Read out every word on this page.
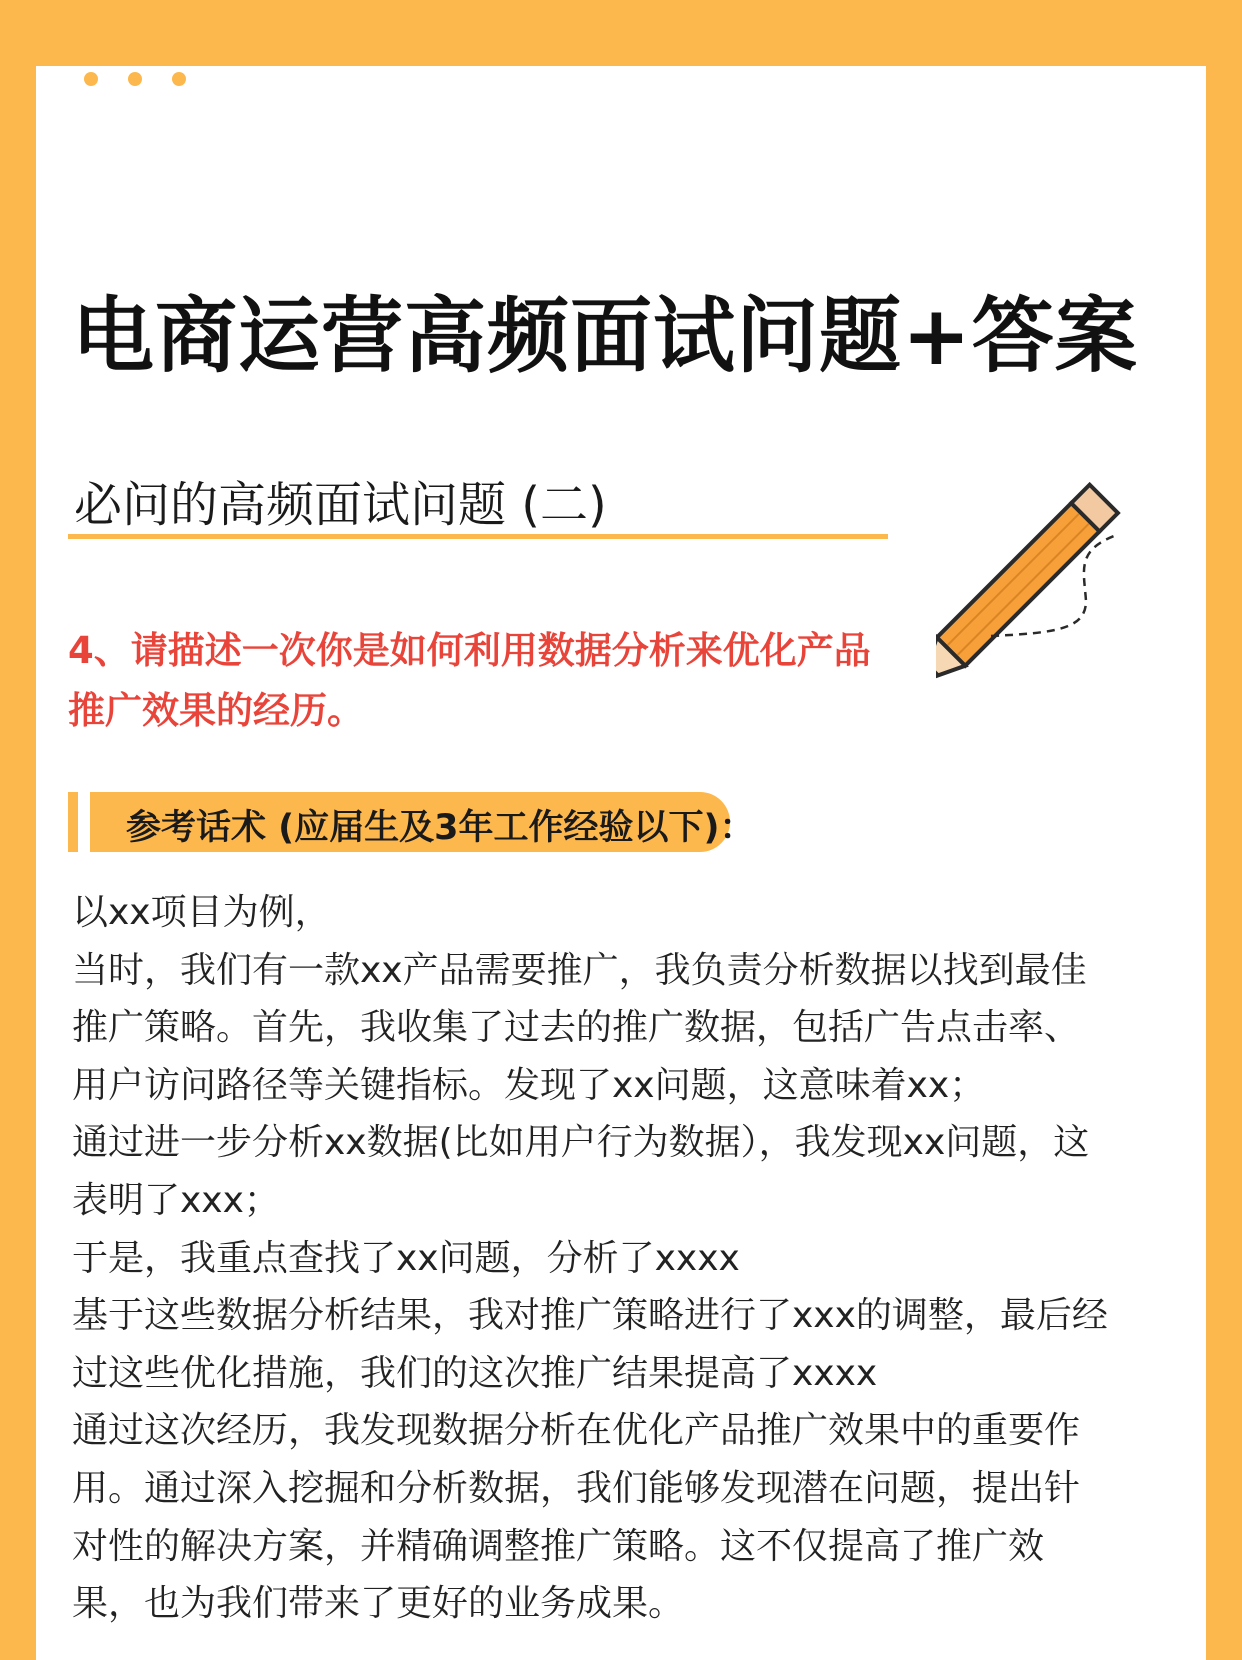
电商运营高频面试问题+答案
必问的高频面试问题 (二)
4、请描述一次你是如何利用数据分析来优化产品
推广效果的经历。
参考话术 (应届生及3年工作经验以下)：
以xx项目为例，
当时，我们有一款xx产品需要推广，我负责分析数据以找到最佳
推广策略。首先，我收集了过去的推广数据，包括广告点击率、
用户访问路径等关键指标。发现了xx问题，这意味着xx；
通过进一步分析xx数据(比如用户行为数据），我发现xx问题，这
表明了xxx；
于是，我重点查找了xx问题，分析了xxxx
基于这些数据分析结果，我对推广策略进行了xxx的调整，最后经
过这些优化措施，我们的这次推广结果提高了xxxx
通过这次经历，我发现数据分析在优化产品推广效果中的重要作
用。通过深入挖掘和分析数据，我们能够发现潜在问题，提出针
对性的解决方案，并精确调整推广策略。这不仅提高了推广效
果，也为我们带来了更好的业务成果。
